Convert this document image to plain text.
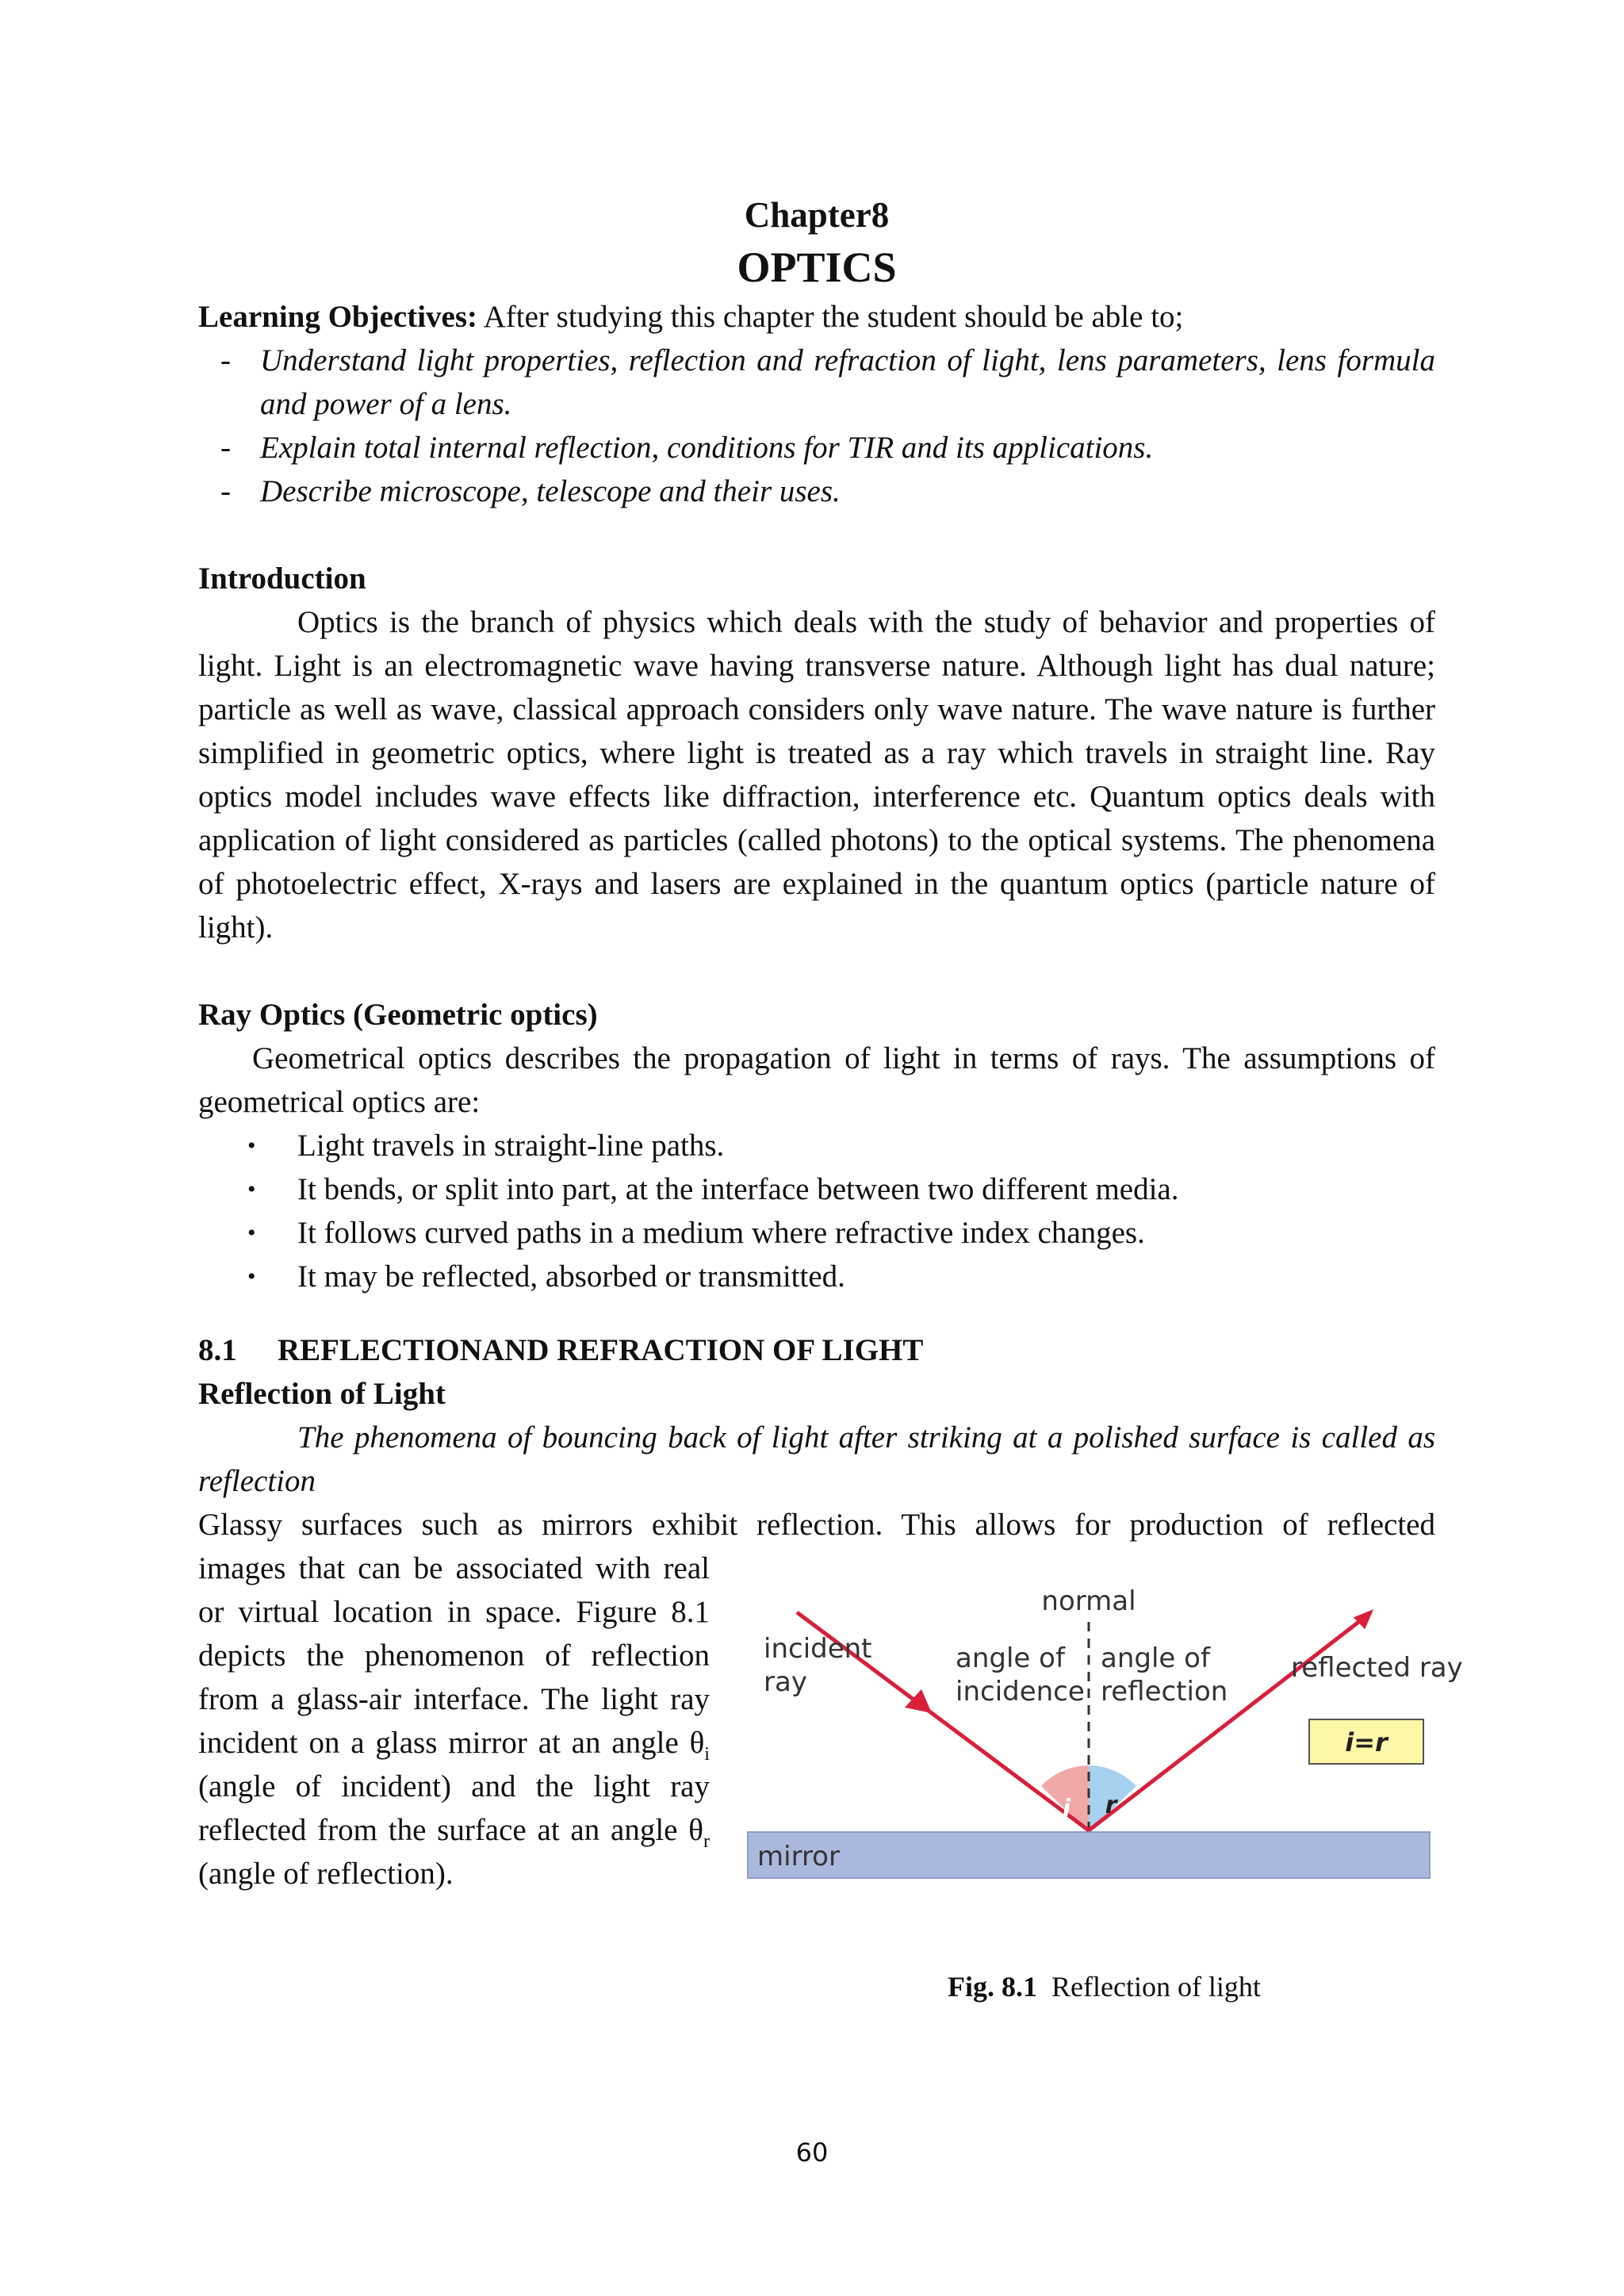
Chapter8
OPTICS

Learning Objectives: After studying this chapter the student should be able to;

- Understand light properties, reflection and refraction of light, lens parameters, lens formula and power of a lens.
- Explain total internal reflection, conditions for TIR and its applications.
- Describe microscope, telescope and their uses.
Introduction

Optics is the branch of physics which deals with the study of behavior and properties of light. Light is an electromagnetic wave having transverse nature. Although light has dual nature; particle as well as wave, classical approach considers only wave nature. The wave nature is further simplified in geometric optics, where light is treated as a ray which travels in straight line. Ray optics model includes wave effects like diffraction, interference etc. Quantum optics deals with application of light considered as particles (called photons) to the optical systems. The phenomena of photoelectric effect, X-rays and lasers are explained in the quantum optics (particle nature of light).

Ray Optics (Geometric optics)

Geometrical optics describes the propagation of light in terms of rays. The assumptions of geometrical optics are:

• Light travels in straight-line paths.
• It bends, or split into part, at the interface between two different media.
• It follows curved paths in a medium where refractive index changes.
• It may be reflected, absorbed or transmitted.
8.1 REFLECTIONAND REFRACTION OF LIGHT
Reflection of Light

The phenomena of bouncing back of light after striking at a polished surface is called as reflection

Glassy surfaces such as mirrors exhibit reflection. This allows for production of reflected

images that can be associated with real or virtual location in space. Figure 8.1 depicts the phenomenon of reflection from a glass-air interface. The light ray incident on a glass mirror at an angle $\theta_i$ (angle of incident) and the light ray reflected from the surface at an angle $\theta_r$ (angle of reflection).	mirror
normal
incident
ray
angle of
incidence
angle of
reflection
reflected ray
i=r
i r
Fig. 8.1 Reflection of light
60
